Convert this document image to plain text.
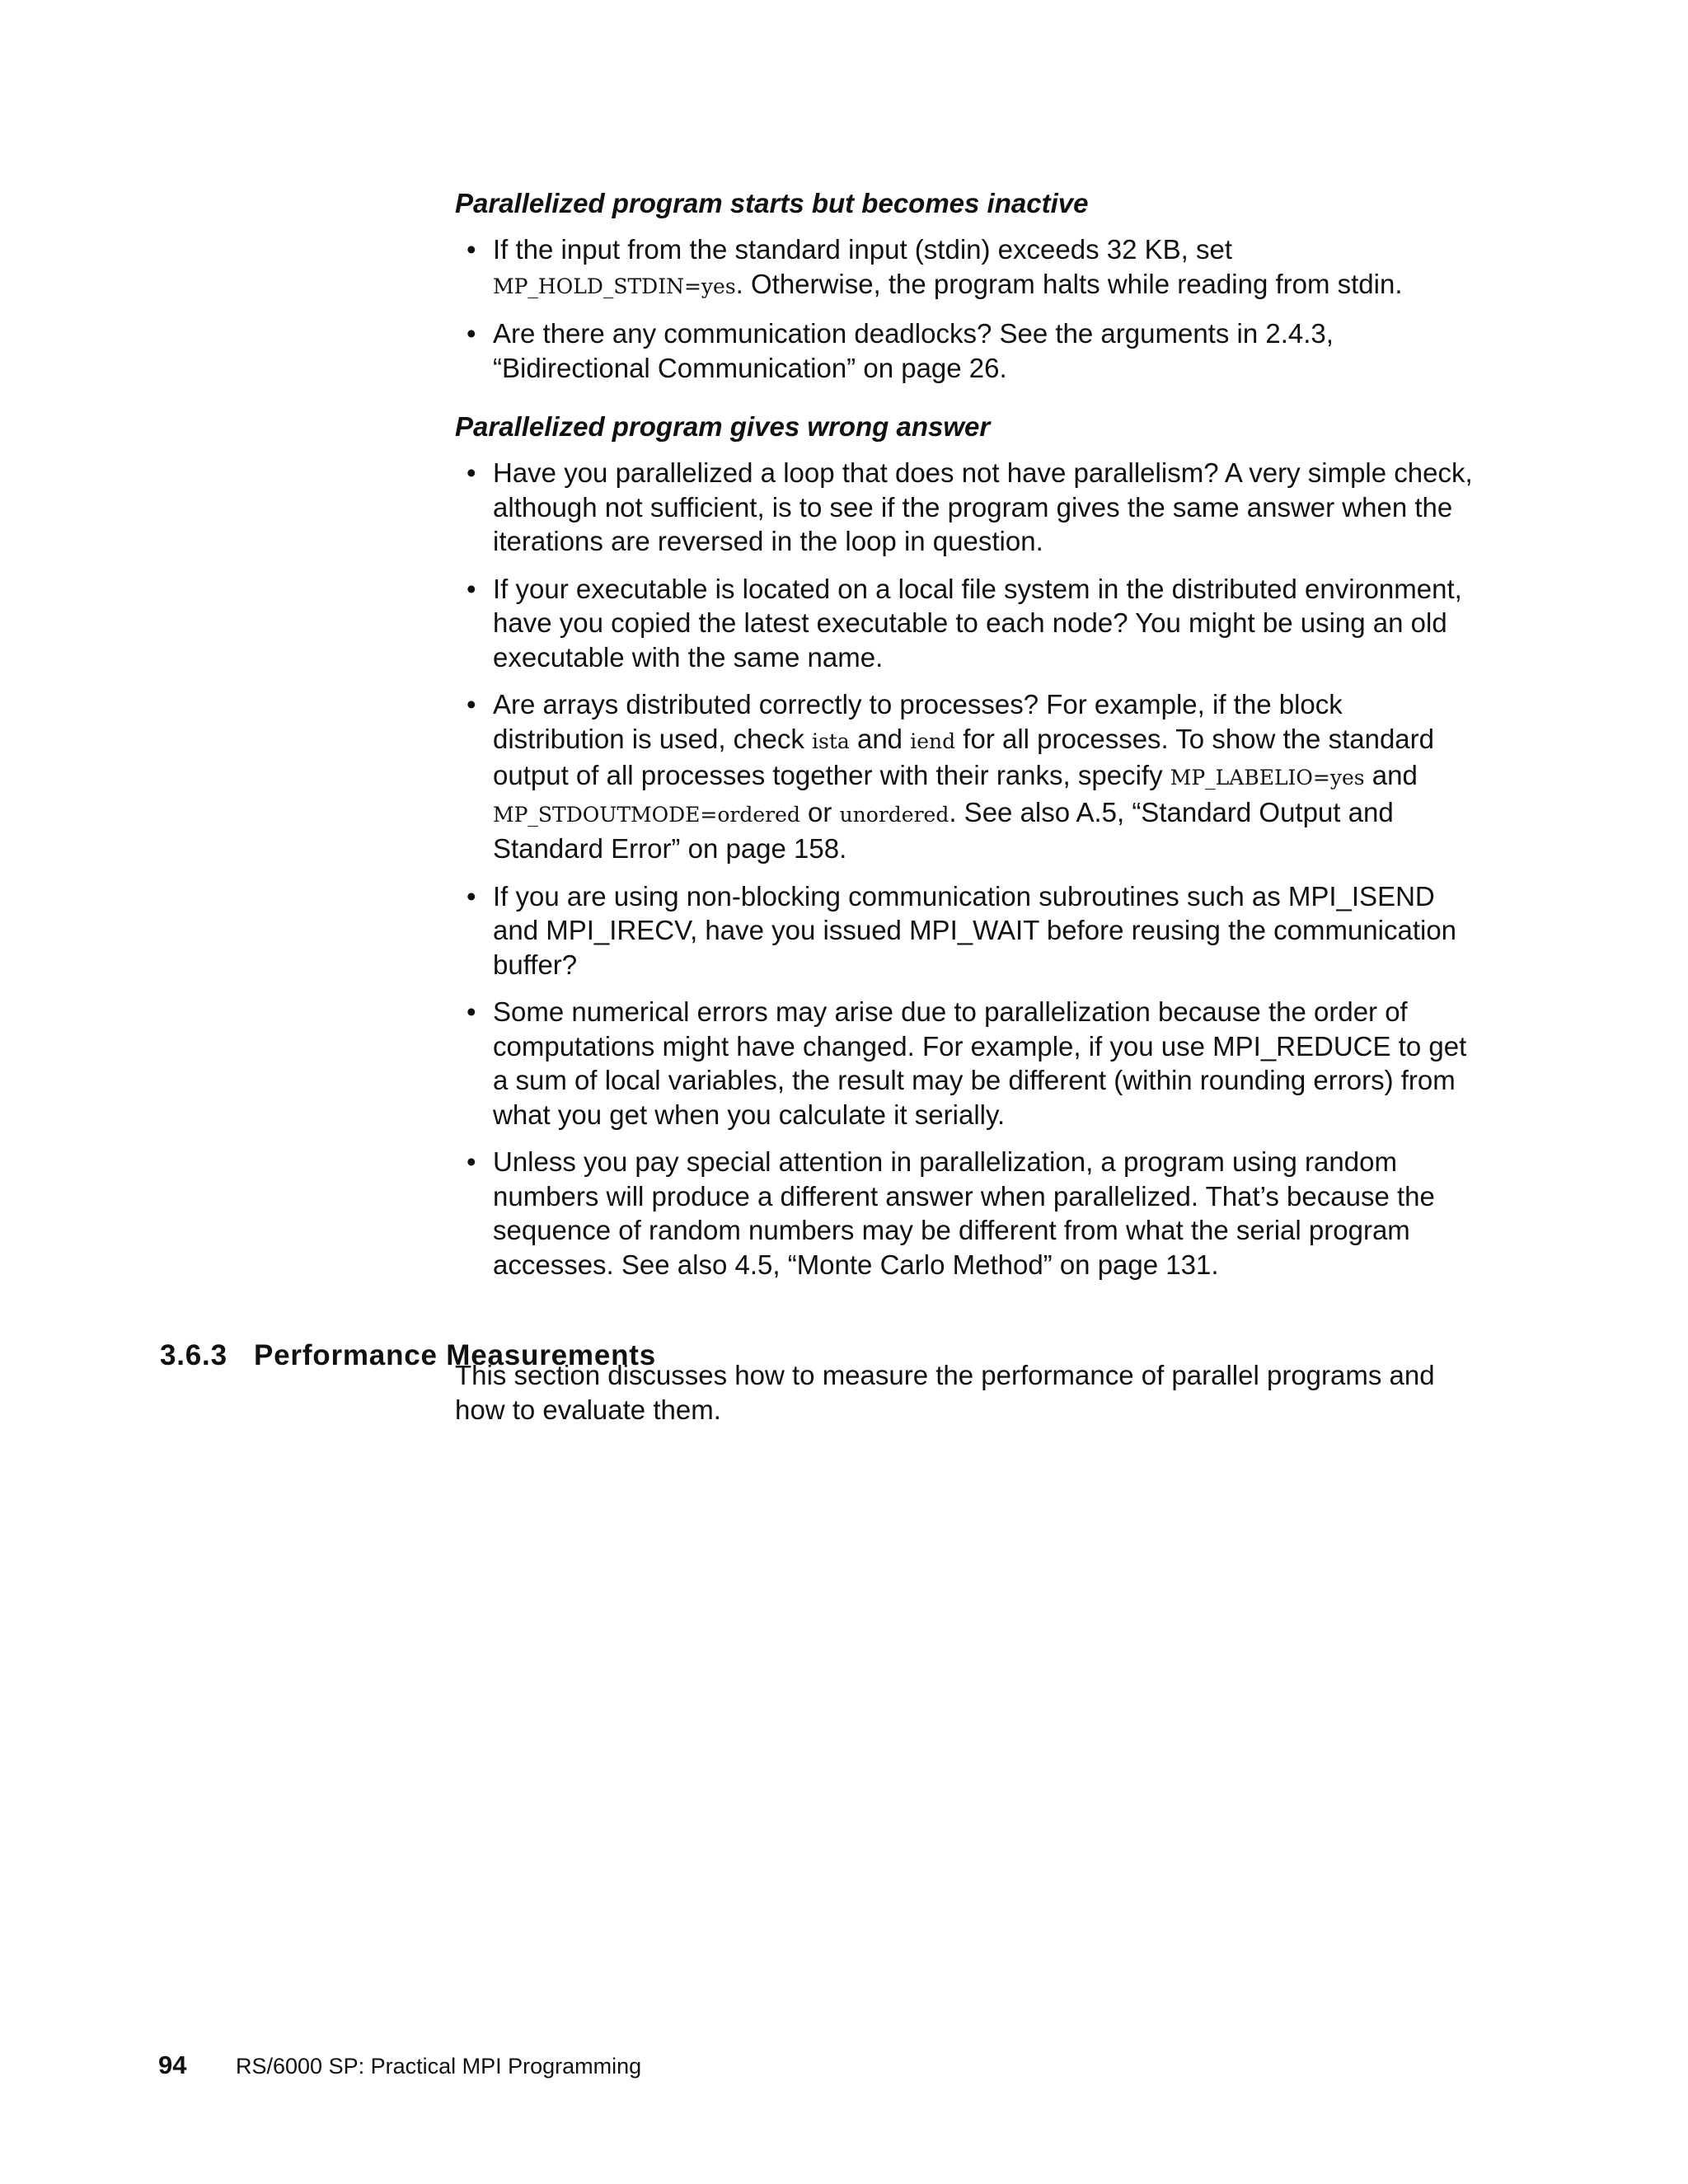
Parallelized program starts but becomes inactive
• If the input from the standard input (stdin) exceeds 32 KB, set MP_HOLD_STDIN=yes. Otherwise, the program halts while reading from stdin.
• Are there any communication deadlocks? See the arguments in 2.4.3, “Bidirectional Communication” on page 26.
Parallelized program gives wrong answer
• Have you parallelized a loop that does not have parallelism? A very simple check, although not sufficient, is to see if the program gives the same answer when the iterations are reversed in the loop in question.
• If your executable is located on a local file system in the distributed environment, have you copied the latest executable to each node? You might be using an old executable with the same name.
• Are arrays distributed correctly to processes? For example, if the block distribution is used, check ista and iend for all processes. To show the standard output of all processes together with their ranks, specify MP_LABELIO=yes and MP_STDOUTMODE=ordered or unordered. See also A.5, “Standard Output and Standard Error” on page 158.
• If you are using non-blocking communication subroutines such as MPI_ISEND and MPI_IRECV, have you issued MPI_WAIT before reusing the communication buffer?
• Some numerical errors may arise due to parallelization because the order of computations might have changed. For example, if you use MPI_REDUCE to get a sum of local variables, the result may be different (within rounding errors) from what you get when you calculate it serially.
• Unless you pay special attention in parallelization, a program using random numbers will produce a different answer when parallelized. That’s because the sequence of random numbers may be different from what the serial program accesses. See also 4.5, “Monte Carlo Method” on page 131.
3.6.3 Performance Measurements

This section discusses how to measure the performance of parallel programs and how to evaluate them.

94 RS/6000 SP: Practical MPI Programming
